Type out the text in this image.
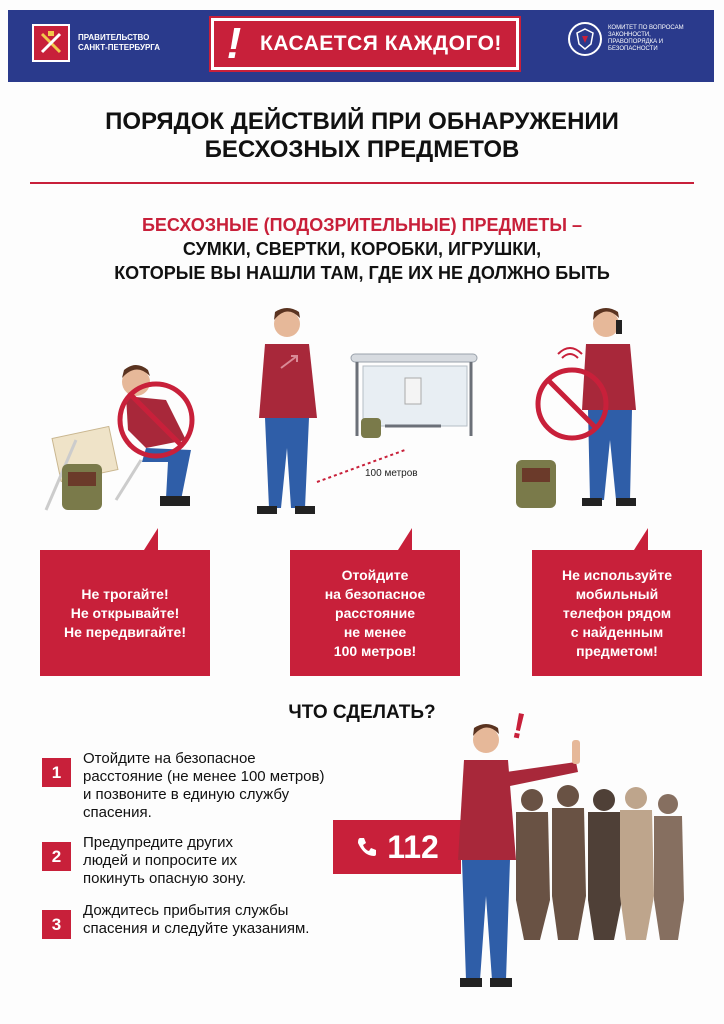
ПРАВИТЕЛЬСТВО
САНКТ-ПЕТЕРБУРГА ! КАСАЕТСЯ КАЖДОГО!
КОМИТЕТ ПО ВОПРОСАМ ЗАКОННОСТИ, ПРАВОПОРЯДКА И БЕЗОПАСНОСТИ
ПОРЯДОК ДЕЙСТВИЙ ПРИ ОБНАРУЖЕНИИ
БЕСХОЗНЫХ ПРЕДМЕТОВ
БЕСХОЗНЫЕ (ПОДОЗРИТЕЛЬНЫЕ) ПРЕДМЕТЫ –
СУМКИ, СВЕРТКИ, КОРОБКИ, ИГРУШКИ,
КОТОРЫЕ ВЫ НАШЛИ ТАМ, ГДЕ ИХ НЕ ДОЛЖНО БЫТЬ
100 метров
Не трогайте!
Не открывайте!
Не передвигайте!
Отойдите
на безопасное
расстояние
не менее
100 метров!
Не используйте
мобильный
телефон рядом
с найденным
предметом!
ЧТО СДЕЛАТЬ?
1
Отойдите на безопасное
расстояние (не менее 100 метров)
и позвоните в единую службу
спасения.
2
Предупредите других
людей и попросите их
покинуть опасную зону.
3
Дождитесь прибытия службы
спасения и следуйте указаниям.
112
!
